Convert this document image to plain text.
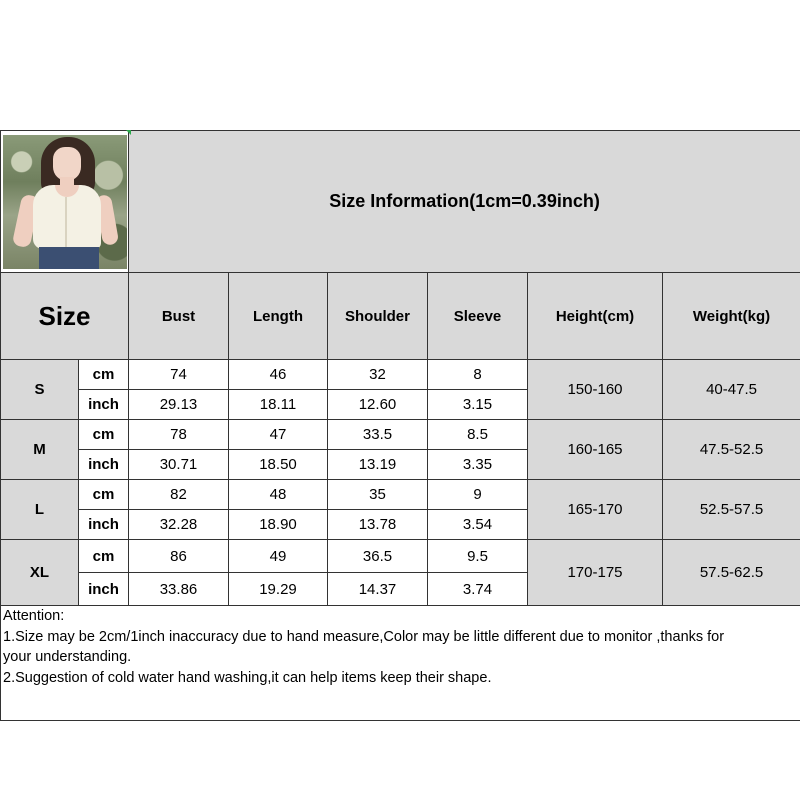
		Size Information(1cm=0.39inch)					
Size		Bust	Length	Shoulder	Sleeve	Height(cm)	Weight(kg)
S	cm	74	46	32	8	150-160	40-47.5
	inch	29.13	18.11	12.60	3.15		
M	cm	78	47	33.5	8.5	160-165	47.5-52.5
	inch	30.71	18.50	13.19	3.35		
L	cm	82	48	35	9	165-170	52.5-57.5
	inch	32.28	18.90	13.78	3.54		
XL	cm	86	49	36.5	9.5	170-175	57.5-62.5
	inch	33.86	19.29	14.37	3.74		

Attention:
1.Size may be 2cm/1inch inaccuracy due to hand measure,Color may be little different due to monitor ,thanks for
your understanding.
2.Suggestion of cold water hand washing,it can help items keep their shape.							
